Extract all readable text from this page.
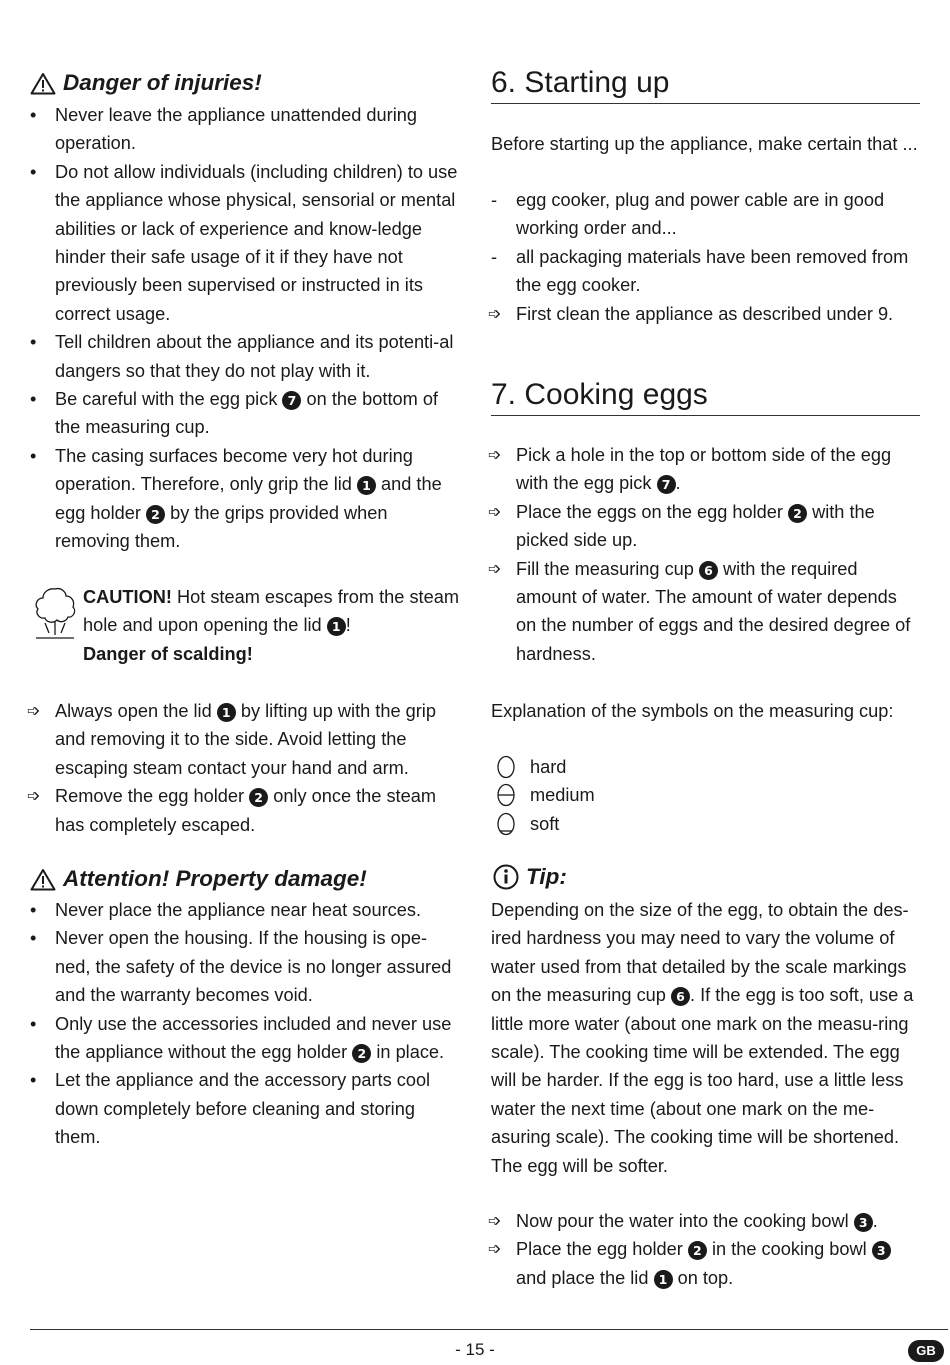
Danger of injuries!
• Never leave the appliance unattended during operation.
• Do not allow individuals (including children) to use the appliance whose physical, sensorial or mental abilities or lack of experience and know-ledge hinder their safe usage of it if they have not previously been supervised or instructed in its correct usage.
• Tell children about the appliance and its potenti-al dangers so that they do not play with it.
• Be careful with the egg pick 7 on the bottom of the measuring cup.
• The casing surfaces become very hot during operation. Therefore, only grip the lid 1 and the egg holder 2 by the grips provided when removing them.
CAUTION! Hot steam escapes from the steam hole and upon opening the lid 1 !
Danger of scalding!
➩ Always open the lid 1 by lifting up with the grip and removing it to the side. Avoid letting the escaping steam contact your hand and arm.
➩ Remove the egg holder 2 only once the steam has completely escaped.
Attention! Property damage!
• Never place the appliance near heat sources.
• Never open the housing. If the housing is ope-ned, the safety of the device is no longer assured and the warranty becomes void.
• Only use the accessories included and never use the appliance without the egg holder 2 in place.
• Let the appliance and the accessory parts cool down completely before cleaning and storing them.
6. Starting up
Before starting up the appliance, make certain that ...
- egg cooker, plug and power cable are in good working order and...
- all packaging materials have been removed from the egg cooker.
➩ First clean the appliance as described under 9.
7. Cooking eggs
➩ Pick a hole in the top or bottom side of the egg with the egg pick 7 .
➩ Place the eggs on the egg holder 2 with the picked side up.
➩ Fill the measuring cup 6 with the required amount of water. The amount of water depends on the number of eggs and the desired degree of hardness.
Explanation of the symbols on the measuring cup:
hard
medium
soft
Tip:
Depending on the size of the egg, to obtain the des-ired hardness you may need to vary the volume of water used from that detailed by the scale markings on the measuring cup 6 . If the egg is too soft, use a little more water (about one mark on the measu-ring scale). The cooking time will be extended. The egg will be harder. If the egg is too hard, use a little less water the next time (about one mark on the me-asuring scale). The cooking time will be shortened. The egg will be softer.
➩ Now pour the water into the cooking bowl 3 .
➩ Place the egg holder 2 in the cooking bowl 3 and place the lid 1 on top.
- 15 -	GB
